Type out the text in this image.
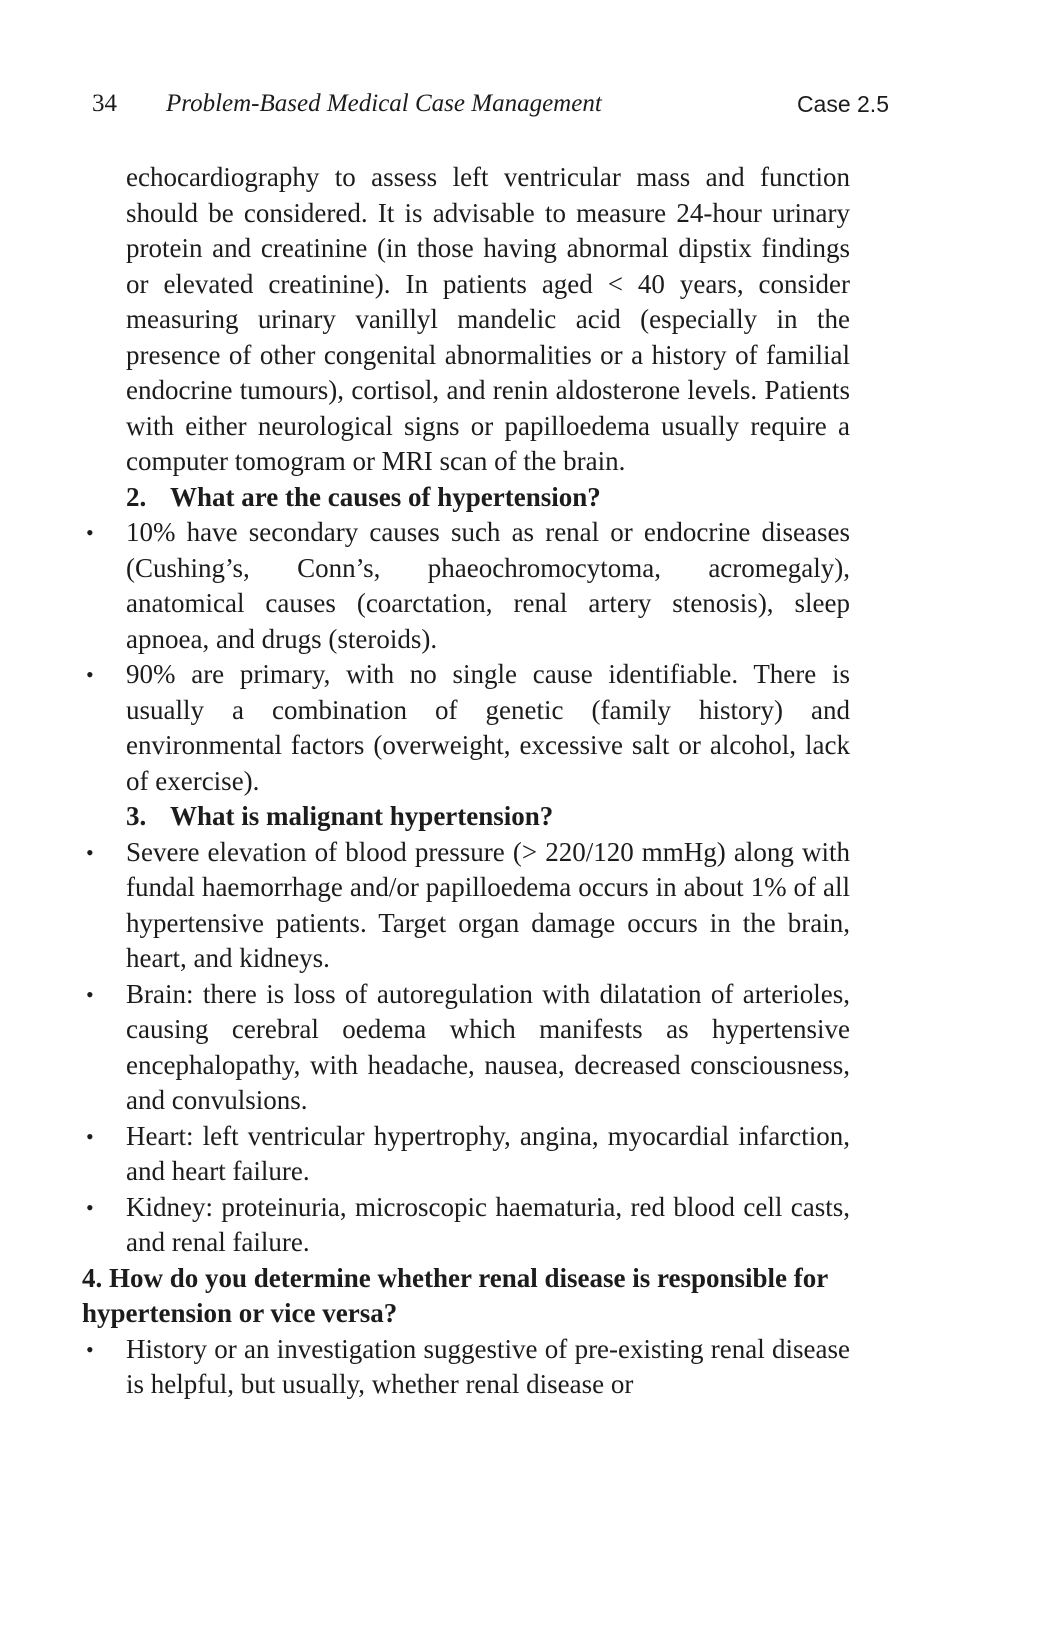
34 Problem-Based Medical Case Management	Case 2.5

echocardiography to assess left ventricular mass and function should be considered. It is advisable to measure 24-hour urinary protein and creatinine (in those having abnormal dipstix findings or elevated creatinine). In patients aged < 40 years, consider measuring urinary vanillyl mandelic acid (especially in the presence of other congenital abnormalities or a history of familial endocrine tumours), cortisol, and renin aldosterone levels. Patients with either neurological signs or papilloedema usually require a computer tomogram or MRI scan of the brain.

2. What are the causes of hypertension?
• 10% have secondary causes such as renal or endocrine diseases (Cushing’s, Conn’s, phaeochromocytoma, acromegaly), anatomical causes (coarctation, renal artery stenosis), sleep apnoea, and drugs (steroids).
• 90% are primary, with no single cause identifiable. There is usually a combination of genetic (family history) and environmental factors (overweight, excessive salt or alcohol, lack of exercise).
3. What is malignant hypertension?
• Severe elevation of blood pressure (> 220/120 mmHg) along with fundal haemorrhage and/or papilloedema occurs in about 1% of all hypertensive patients. Target organ damage occurs in the brain, heart, and kidneys.
• Brain: there is loss of autoregulation with dilatation of arterioles, causing cerebral oedema which manifests as hypertensive encephalopathy, with headache, nausea, decreased consciousness, and convulsions.
• Heart: left ventricular hypertrophy, angina, myocardial infarction, and heart failure.
• Kidney: proteinuria, microscopic haematuria, red blood cell casts, and renal failure.
4. How do you determine whether renal disease is responsible for hypertension or vice versa?
• History or an investigation suggestive of pre-existing renal disease is helpful, but usually, whether renal disease or
